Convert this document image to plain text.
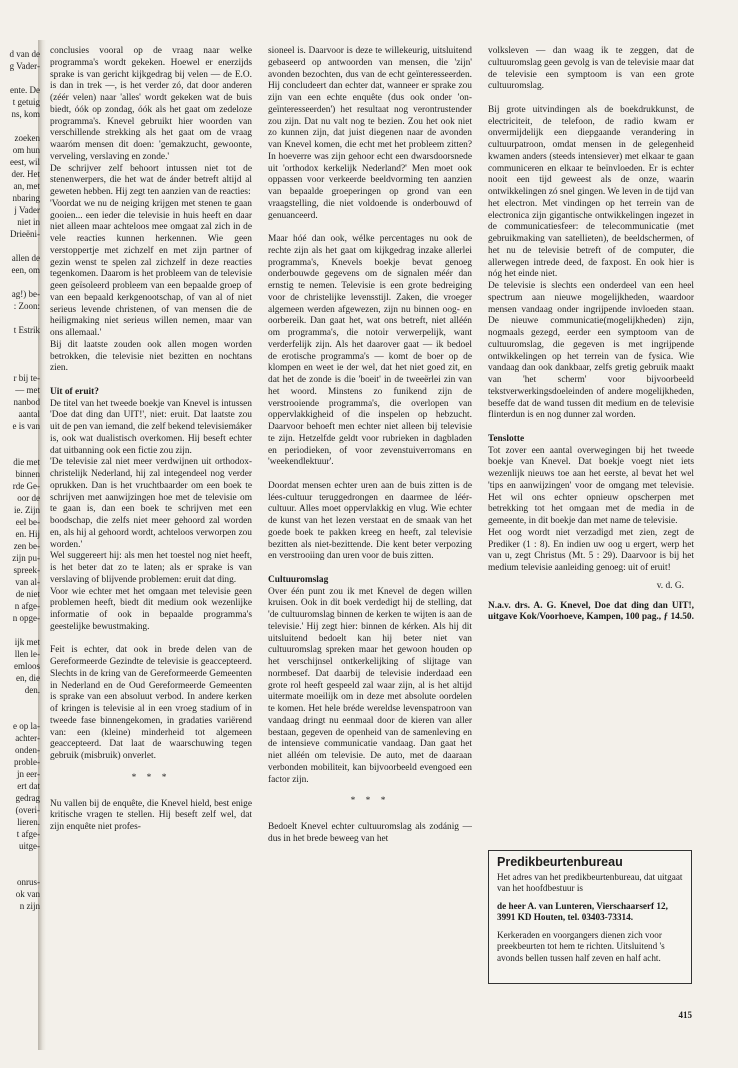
d van de
g Vader-
ente. De
t getuig
ns, kom
zoeken
om hun
eest, wil
der. Het
an, met
nbaring
j Vader
niet in
Drieëni-
allen de
een, om
ag!) be-
: Zoon:
t Estrik
r bij te-
— met
nanbod
aantal
e is van
die met
binnen
rde Ge-
oor de
ie. Zijn
eel be-
en. Hij
zen be-
zijn pu-
spreek-
van al-
de niet
n afge-
n opge-
ijk met
llen le-
emloos
en, die
den.
e op la-
achter-
onden-
proble-
jn eer-
ert dat
gedrag
(overi-
lieren.
t afge-
uitge-
onrus-
ok van
n zijn

conclusies vooral op de vraag naar welke programma's wordt gekeken. Hoewel er enerzijds sprake is van gericht kijkgedrag bij velen — de E.O. is dan in trek —, is het verder zó, dat door anderen (zéér velen) naar 'alles' wordt gekeken wat de buis biedt, óók op zondag, óók als het gaat om zedeloze programma's. Knevel gebruikt hier woorden van verschillende strekking als het gaat om de vraag waaróm mensen dit doen: 'gemakzucht, gewoonte, verveling, verslaving en zonde.'

De schrijver zelf behoort intussen niet tot de stenenwerpers, die het wat de ánder betreft altijd al geweten hebben. Hij zegt ten aanzien van de reacties:

'Voordat we nu de neiging krijgen met stenen te gaan gooien... een ieder die televisie in huis heeft en daar niet alleen maar achteloos mee omgaat zal zich in de vele reacties kunnen herkennen. Wie geen verstoppertje met zichzelf en met zijn partner of gezin wenst te spelen zal zichzelf in deze reacties tegenkomen. Daarom is het probleem van de televisie geen geïsoleerd probleem van een bepaalde groep of van een bepaald kerkgenootschap, of van al of niet serieus levende christenen, of van mensen die de heiligmaking niet serieus willen nemen, maar van ons allemaal.'

Bij dit laatste zouden ook allen mogen worden betrokken, die televisie niet bezitten en nochtans zien.

Uit of eruit?

De titel van het tweede boekje van Knevel is intussen 'Doe dat ding dan UIT!', niet: eruit. Dat laatste zou uit de pen van iemand, die zelf bekend televisiemáker is, ook wat dualistisch overkomen. Hij beseft echter dat uitbanning ook een fictie zou zijn.

'De televisie zal niet meer verdwijnen uit orthodox-christelijk Nederland, hij zal integendeel nog verder oprukken. Dan is het vruchtbaarder om een boek te schrijven met aanwijzingen hoe met de televisie om te gaan is, dan een boek te schrijven met een boodschap, die zelfs niet meer gehoord zal worden en, als hij al gehoord wordt, achteloos verworpen zou worden.'

Wel suggereert hij: als men het toestel nog niet heeft, is het beter dat zo te laten; als er sprake is van verslaving of blijvende problemen: eruit dat ding.

Voor wie echter met het omgaan met televisie geen problemen heeft, biedt dit medium ook wezenlijke informatie of ook in bepaalde programma's geestelijke bewustmaking.

Feit is echter, dat ook in brede delen van de Gereformeerde Gezindte de televisie is geaccepteerd. Slechts in de kring van de Gereformeerde Gemeenten in Nederland en de Oud Gereformeerde Gemeenten is sprake van een absoluut verbod. In andere kerken of kringen is televisie al in een vroeg stadium of in tweede fase binnengekomen, in gradaties variërend van: een (kleine) minderheid tot algemeen geaccepteerd. Dat laat de waarschuwing tegen gebruik (misbruik) onverlet.

* * *

Nu vallen bij de enquête, die Knevel hield, best enige kritische vragen te stellen. Hij beseft zelf wel, dat zijn enquête niet profes-

sioneel is. Daarvoor is deze te willekeurig, uitsluitend gebaseerd op antwoorden van mensen, die 'zijn' avonden bezochten, dus van de echt geïnteresseerden. Hij concludeert dan echter dat, wanneer er sprake zou zijn van een echte enquête (dus ook onder 'on-geïnteresseerden') het resultaat nog verontrustender zou zijn. Dat nu valt nog te bezien. Zou het ook niet zo kunnen zijn, dat juist diegenen naar de avonden van Knevel komen, die echt met het probleem zitten? In hoeverre was zijn gehoor echt een dwarsdoorsnede uit 'orthodox kerkelijk Nederland?' Men moet ook oppassen voor verkeerde beeldvorming ten aanzien van bepaalde groeperingen op grond van een vraagstelling, die niet voldoende is onderbouwd of genuanceerd.

Maar hóé dan ook, wélke percentages nu ook de rechte zijn als het gaat om kijkgedrag inzake allerlei programma's, Knevels boekje bevat genoeg onderbouwde gegevens om de signalen méér dan ernstig te nemen. Televisie is een grote bedreiging voor de christelijke levensstijl. Zaken, die vroeger algemeen werden afgewezen, zijn nu binnen oog- en oorbereik. Dan gaat het, wat ons betreft, niet alléén om programma's, die notoir verwerpelijk, want verderfelijk zijn. Als het daarover gaat — ik bedoel de erotische programma's — komt de boer op de klompen en weet ie der wel, dat het niet goed zit, en dat het de zonde is die 'boeit' in de tweeërlei zin van het woord. Minstens zo funikend zijn de verstrooiende programma's, die overlopen van oppervlakkigheid of die inspelen op hebzucht. Daarvoor behoeft men echter niet alleen bij televisie te zijn. Hetzelfde geldt voor rubrieken in dagbladen en periodieken, of voor zevenstuiverromans en 'weekendlektuur'.

Doordat mensen echter uren aan de buis zitten is de lées-cultuur teruggedrongen en daarmee de léér-cultuur. Alles moet oppervlakkig en vlug. Wie echter de kunst van het lezen verstaat en de smaak van het goede boek te pakken kreeg en heeft, zal televisie bezitten als niet-bezittende. Die kent beter verpozing en verstrooiing dan uren voor de buis zitten.

Cultuuromslag

Over één punt zou ik met Knevel de degen willen kruisen. Ook in dit boek verdedigt hij de stelling, dat 'de cultuuromslag binnen de kerken te wijten is aan de televisie.' Hij zegt hier: binnen de kérken. Als hij dit uitsluitend bedoelt kan hij beter niet van cultuuromslag spreken maar het gewoon houden op het verschijnsel ontkerkelijking of slijtage van normbesef. Dat daarbij de televisie inderdaad een grote rol heeft gespeeld zal waar zijn, al is het altijd uitermate moeilijk om in deze met absolute oordelen te komen. Het hele bréde wereldse levenspatroon van vandaag dringt nu eenmaal door de kieren van aller bestaan, gegeven de openheid van de samenleving en de intensieve communicatie vandaag. Dan gaat het niet alléén om televisie. De auto, met de daaraan verbonden mobiliteit, kan bijvoorbeeld evengoed een factor zijn.

* * *

Bedoelt Knevel echter cultuuromslag als zodánig — dus in het brede beweeg van het

volksleven — dan waag ik te zeggen, dat de cultuuromslag geen gevolg is van de televisie maar dat de televisie een symptoom is van een grote cultuuromslag.

Bij grote uitvindingen als de boekdrukkunst, de electriciteit, de telefoon, de radio kwam er onvermijdelijk een diepgaande verandering in cultuurpatroon, omdat mensen in de gelegenheid kwamen anders (steeds intensiever) met elkaar te gaan communiceren en elkaar te beïnvloeden. Er is echter nooit een tijd geweest als de onze, waarin ontwikkelingen zó snel gingen. We leven in de tijd van het electron. Met vindingen op het terrein van de electronica zijn gigantische ontwikkelingen ingezet in de communicatiesfeer: de telecommunicatie (met gebruikmaking van satellieten), de beeldschermen, of het nu de televisie betreft of de computer, die allerwegen intrede deed, de faxpost. En ook hier is nóg het einde niet.

De televisie is slechts een onderdeel van een heel spectrum aan nieuwe mogelijkheden, waardoor mensen vandaag onder ingrijpende invloeden staan. De nieuwe communicatie(mogelijkheden) zijn, nogmaals gezegd, eerder een symptoom van de cultuuromslag, die gegeven is met ingrijpende ontwikkelingen op het terrein van de fysica. Wie vandaag dan ook dankbaar, zelfs gretig gebruik maakt van 'het scherm' voor bijvoorbeeld tekstverwerkingsdoeleinden of andere mogelijkheden, beseffe dat de wand tussen dit medium en de televisie flinterdun is en nog dunner zal worden.

Tenslotte

Tot zover een aantal overwegingen bij het tweede boekje van Knevel. Dat boekje voegt niet iets wezenlijk nieuws toe aan het eerste, al bevat het wel 'tips en aanwijzingen' voor de omgang met televisie. Het wil ons echter opnieuw opscherpen met betrekking tot het omgaan met de media in de gemeente, in dit boekje dan met name de televisie.

Het oog wordt niet verzadigd met zien, zegt de Prediker (1 : 8). En indien uw oog u ergert, werp het van u, zegt Christus (Mt. 5 : 29). Daarvoor is bij het medium televisie aanleiding genoeg: uit of eruit!

v. d. G.
N.a.v. drs. A. G. Knevel, Doe dat ding dan UIT!, uitgave Kok/Voorhoeve, Kampen, 100 pag., ƒ 14.50.
Predikbeurtenbureau
Het adres van het predikbeurtenbureau, dat uitgaat van het hoofdbestuur is
de heer A. van Lunteren, Vierschaarserf 12, 3991 KD Houten, tel. 03403-73314.
Kerkeraden en voorgangers dienen zich voor preekbeurten tot hem te richten. Uitsluitend 's avonds bellen tussen half zeven en half acht.
415
